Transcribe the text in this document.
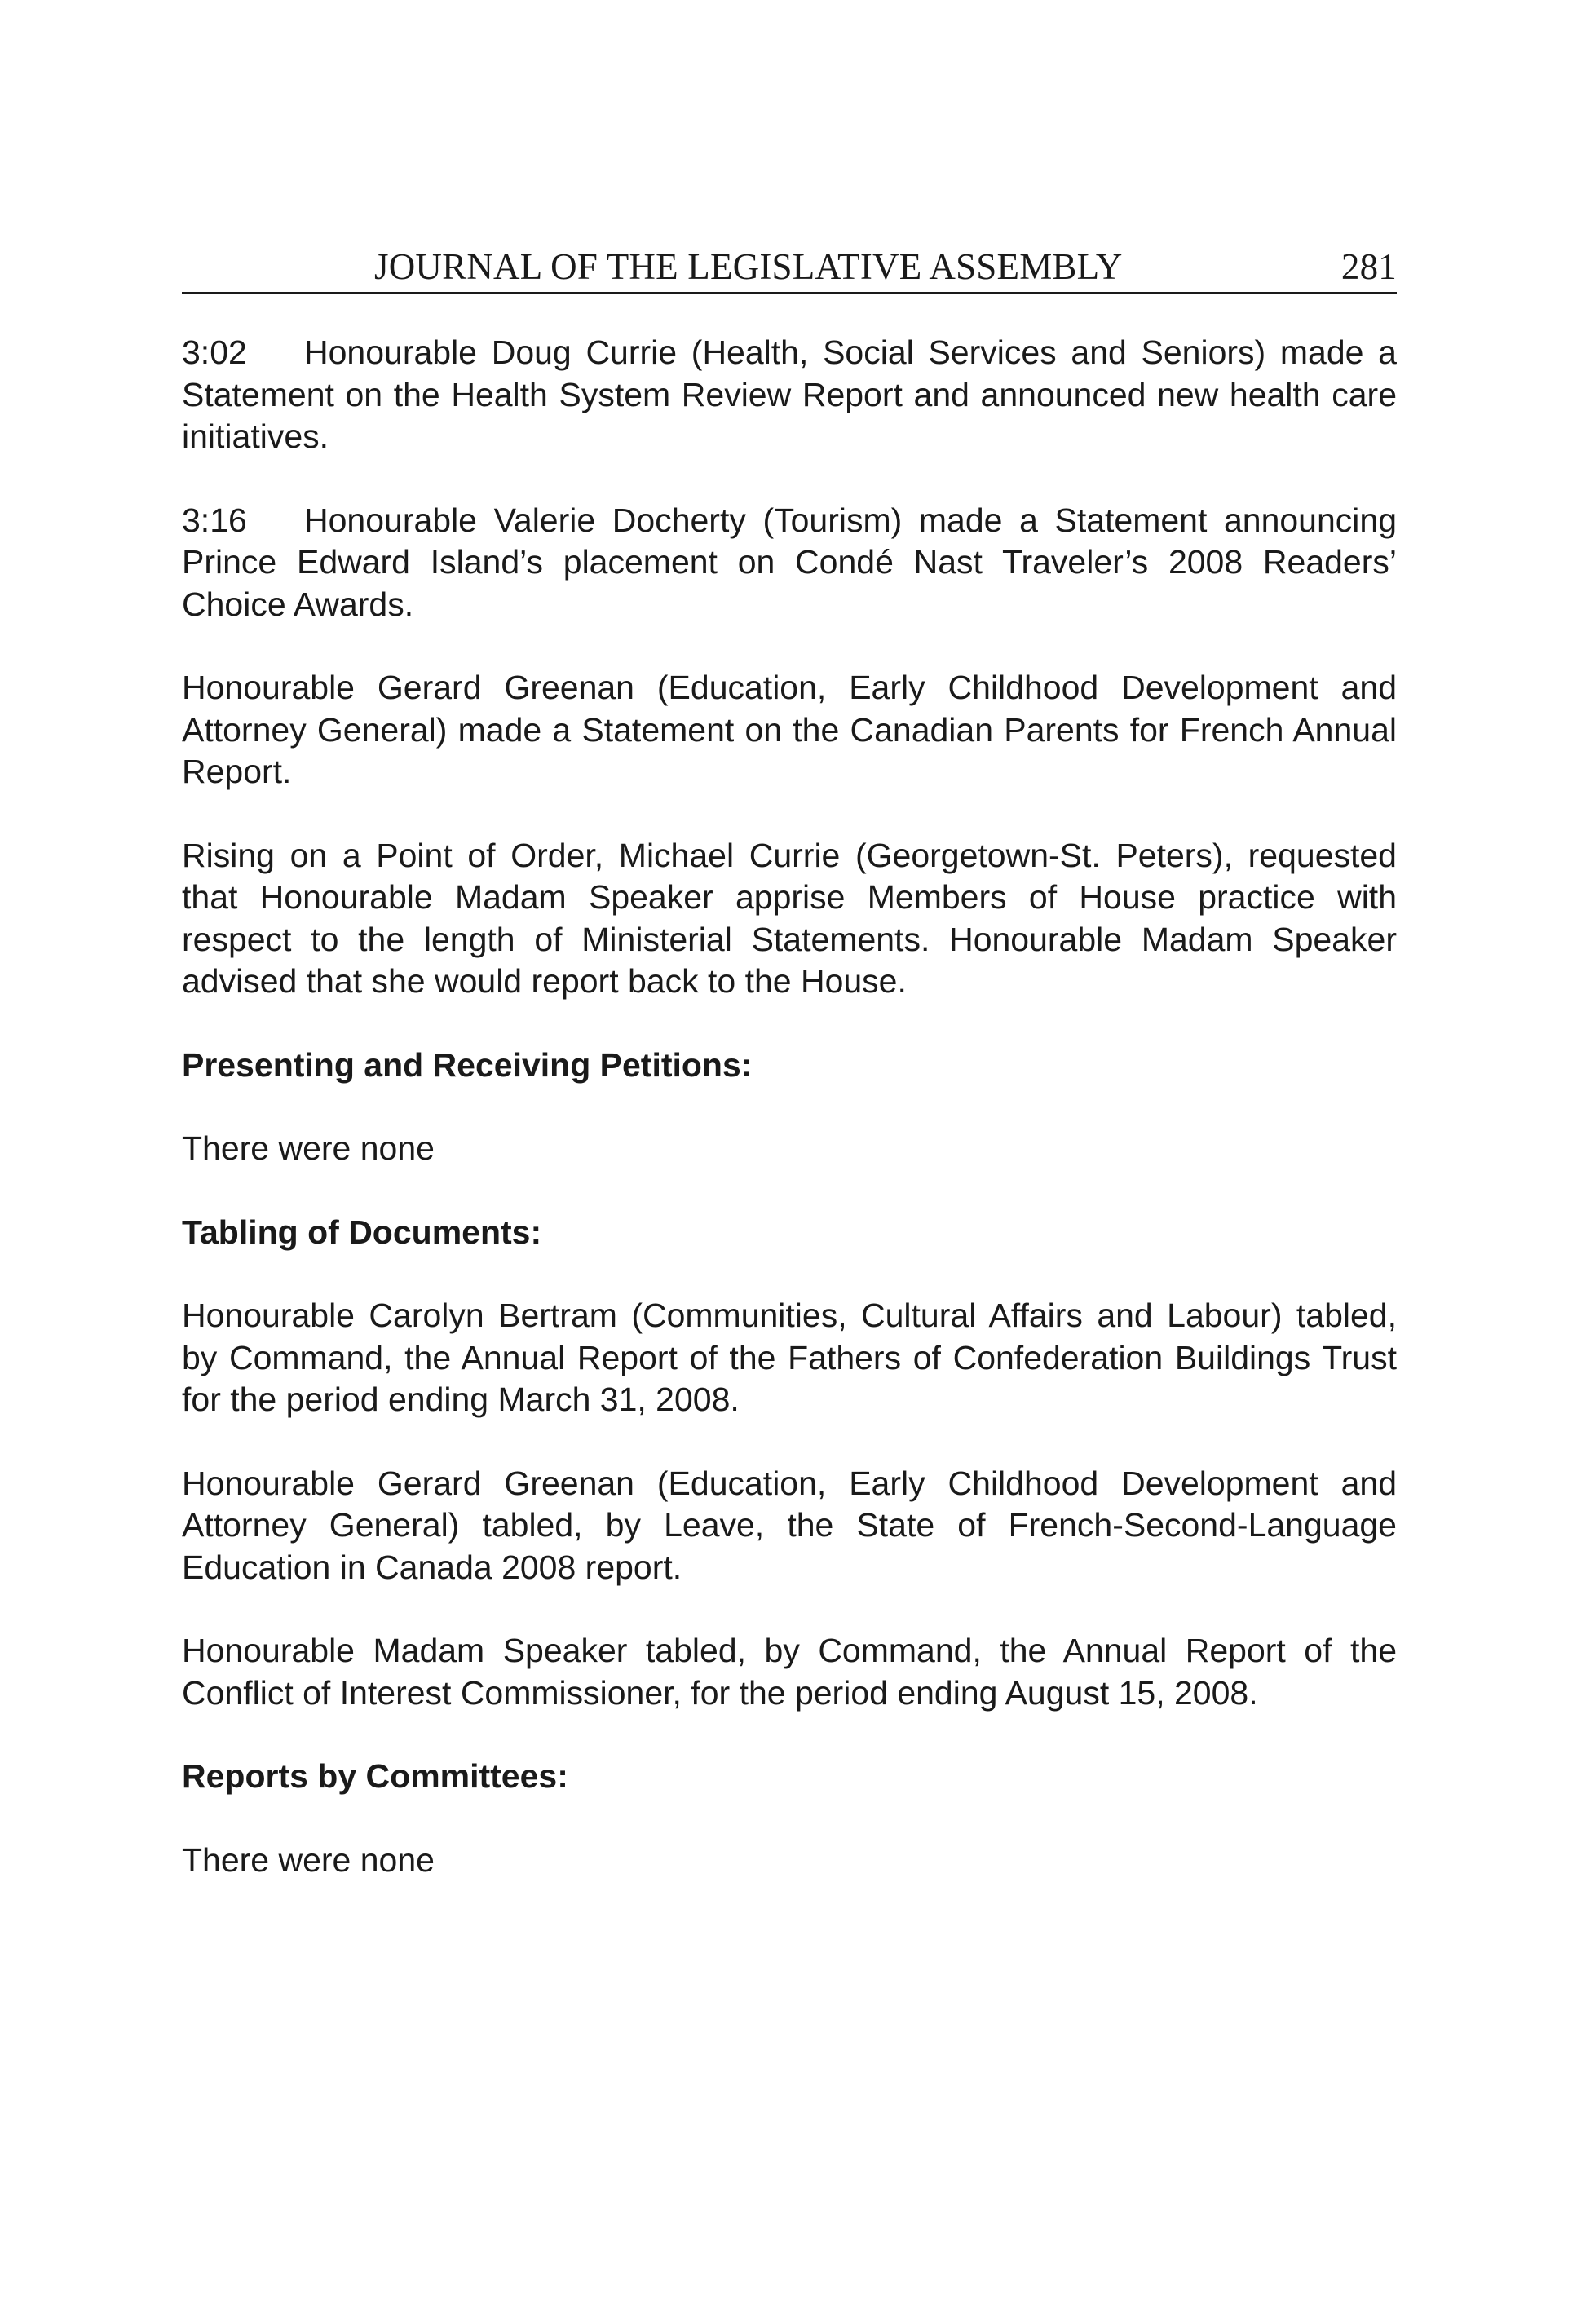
JOURNAL OF THE LEGISLATIVE ASSEMBLY	281
3:02 Honourable Doug Currie (Health, Social Services and Seniors) made a Statement on the Health System Review Report and announced new health care initiatives.
3:16 Honourable Valerie Docherty (Tourism) made a Statement announcing Prince Edward Island’s placement on Condé Nast Traveler’s 2008 Readers’ Choice Awards.

Honourable Gerard Greenan (Education, Early Childhood Development and Attorney General) made a Statement on the Canadian Parents for French Annual Report.

Rising on a Point of Order, Michael Currie (Georgetown-St. Peters), requested that Honourable Madam Speaker apprise Members of House practice with respect to the length of Ministerial Statements. Honourable Madam Speaker advised that she would report back to the House.

Presenting and Receiving Petitions:

There were none

Tabling of Documents:

Honourable Carolyn Bertram (Communities, Cultural Affairs and Labour) tabled, by Command, the Annual Report of the Fathers of Confederation Buildings Trust for the period ending March 31, 2008.

Honourable Gerard Greenan (Education, Early Childhood Development and Attorney General) tabled, by Leave, the State of French-Second-Language Education in Canada 2008 report.

Honourable Madam Speaker tabled, by Command, the Annual Report of the Conflict of Interest Commissioner, for the period ending August 15, 2008.

Reports by Committees:

There were none
